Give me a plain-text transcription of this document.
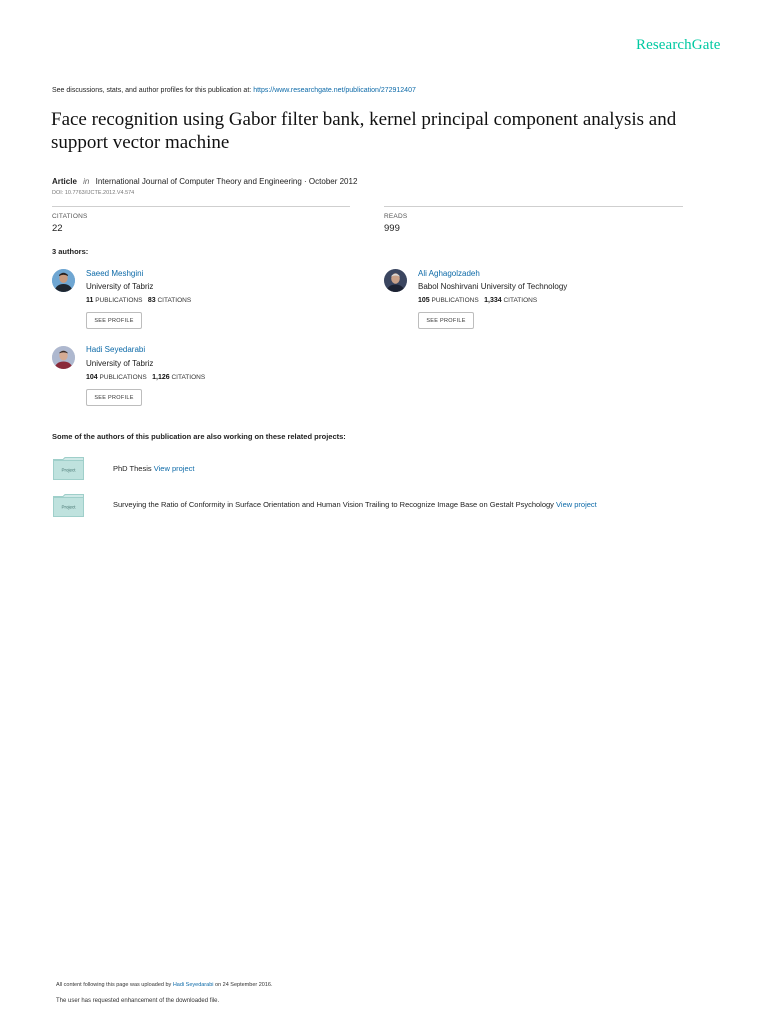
ResearchGate
See discussions, stats, and author profiles for this publication at: https://www.researchgate.net/publication/272912407
Face recognition using Gabor filter bank, kernel principal component analysis and support vector machine
Article in International Journal of Computer Theory and Engineering · October 2012
DOI: 10.7763/IJCTE.2012.V4.574
CITATIONS
22
READS
999
3 authors:
Saeed Meshgini
University of Tabriz
11 PUBLICATIONS 83 CITATIONS
SEE PROFILE
Ali Aghagolzadeh
Babol Noshirvani University of Technology
105 PUBLICATIONS 1,334 CITATIONS
SEE PROFILE
Hadi Seyedarabi
University of Tabriz
104 PUBLICATIONS 1,126 CITATIONS
SEE PROFILE
Some of the authors of this publication are also working on these related projects:
Project	PhD Thesis View project
Project	Surveying the Ratio of Conformity in Surface Orientation and Human Vision Trailing to Recognize Image Base on Gestalt Psychology View project
All content following this page was uploaded by Hadi Seyedarabi on 24 September 2016.
The user has requested enhancement of the downloaded file.
